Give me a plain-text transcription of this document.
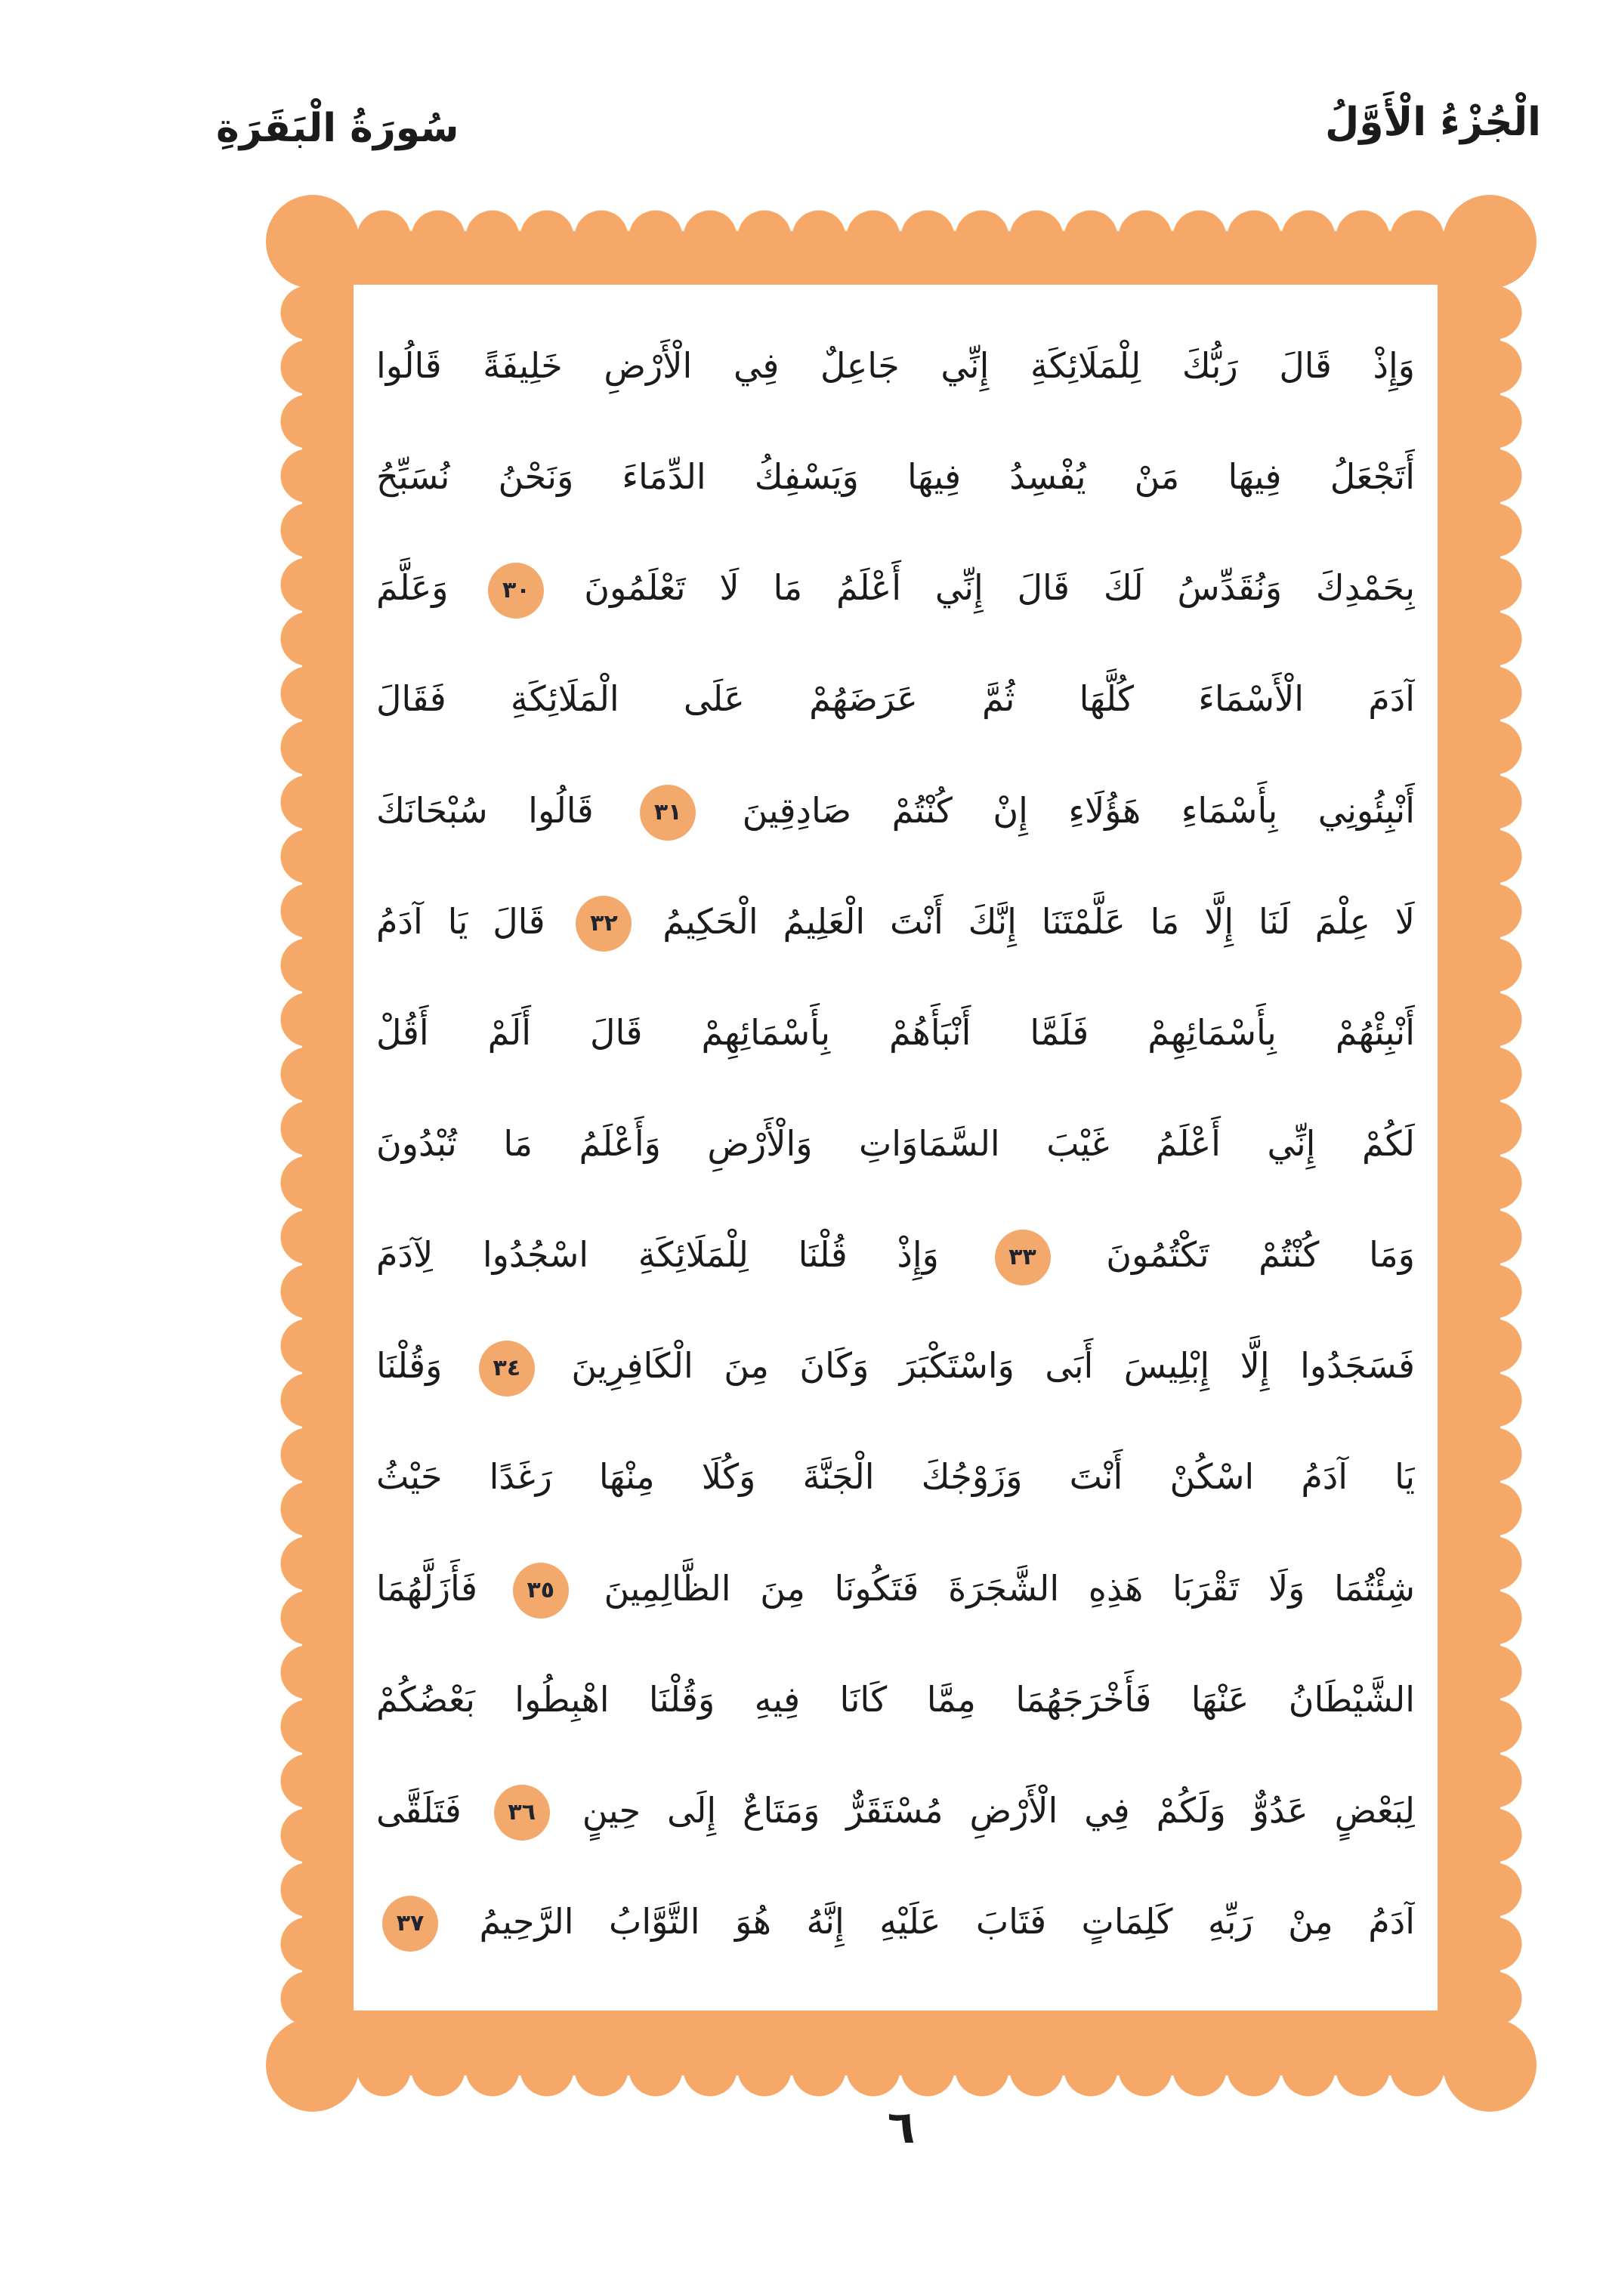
سُورَةُ الْبَقَرَةِ	الْجُزْءُ الْأَوَّلُ
وَإِذْ قَالَ رَبُّكَ لِلْمَلَائِكَةِ إِنِّي جَاعِلٌ فِي الْأَرْضِ خَلِيفَةً قَالُوا
أَتَجْعَلُ فِيهَا مَنْ يُفْسِدُ فِيهَا وَيَسْفِكُ الدِّمَاءَ وَنَحْنُ نُسَبِّحُ
بِحَمْدِكَ وَنُقَدِّسُ لَكَ قَالَ إِنِّي أَعْلَمُ مَا لَا تَعْلَمُونَ ٣٠ وَعَلَّمَ
آدَمَ الْأَسْمَاءَ كُلَّهَا ثُمَّ عَرَضَهُمْ عَلَى الْمَلَائِكَةِ فَقَالَ
أَنْبِئُونِي بِأَسْمَاءِ هَؤُلَاءِ إِنْ كُنْتُمْ صَادِقِينَ ٣١ قَالُوا سُبْحَانَكَ
لَا عِلْمَ لَنَا إِلَّا مَا عَلَّمْتَنَا إِنَّكَ أَنْتَ الْعَلِيمُ الْحَكِيمُ ٣٢ قَالَ يَا آدَمُ
أَنْبِئْهُمْ بِأَسْمَائِهِمْ فَلَمَّا أَنْبَأَهُمْ بِأَسْمَائِهِمْ قَالَ أَلَمْ أَقُلْ
لَكُمْ إِنِّي أَعْلَمُ غَيْبَ السَّمَاوَاتِ وَالْأَرْضِ وَأَعْلَمُ مَا تُبْدُونَ
وَمَا كُنْتُمْ تَكْتُمُونَ ٣٣ وَإِذْ قُلْنَا لِلْمَلَائِكَةِ اسْجُدُوا لِآدَمَ
فَسَجَدُوا إِلَّا إِبْلِيسَ أَبَى وَاسْتَكْبَرَ وَكَانَ مِنَ الْكَافِرِينَ ٣٤ وَقُلْنَا
يَا آدَمُ اسْكُنْ أَنْتَ وَزَوْجُكَ الْجَنَّةَ وَكُلَا مِنْهَا رَغَدًا حَيْثُ
شِئْتُمَا وَلَا تَقْرَبَا هَذِهِ الشَّجَرَةَ فَتَكُونَا مِنَ الظَّالِمِينَ ٣٥ فَأَزَلَّهُمَا
الشَّيْطَانُ عَنْهَا فَأَخْرَجَهُمَا مِمَّا كَانَا فِيهِ وَقُلْنَا اهْبِطُوا بَعْضُكُمْ
لِبَعْضٍ عَدُوٌّ وَلَكُمْ فِي الْأَرْضِ مُسْتَقَرٌّ وَمَتَاعٌ إِلَى حِينٍ ٣٦ فَتَلَقَّى
آدَمُ مِنْ رَبِّهِ كَلِمَاتٍ فَتَابَ عَلَيْهِ إِنَّهُ هُوَ التَّوَّابُ الرَّحِيمُ ٣٧
٦
